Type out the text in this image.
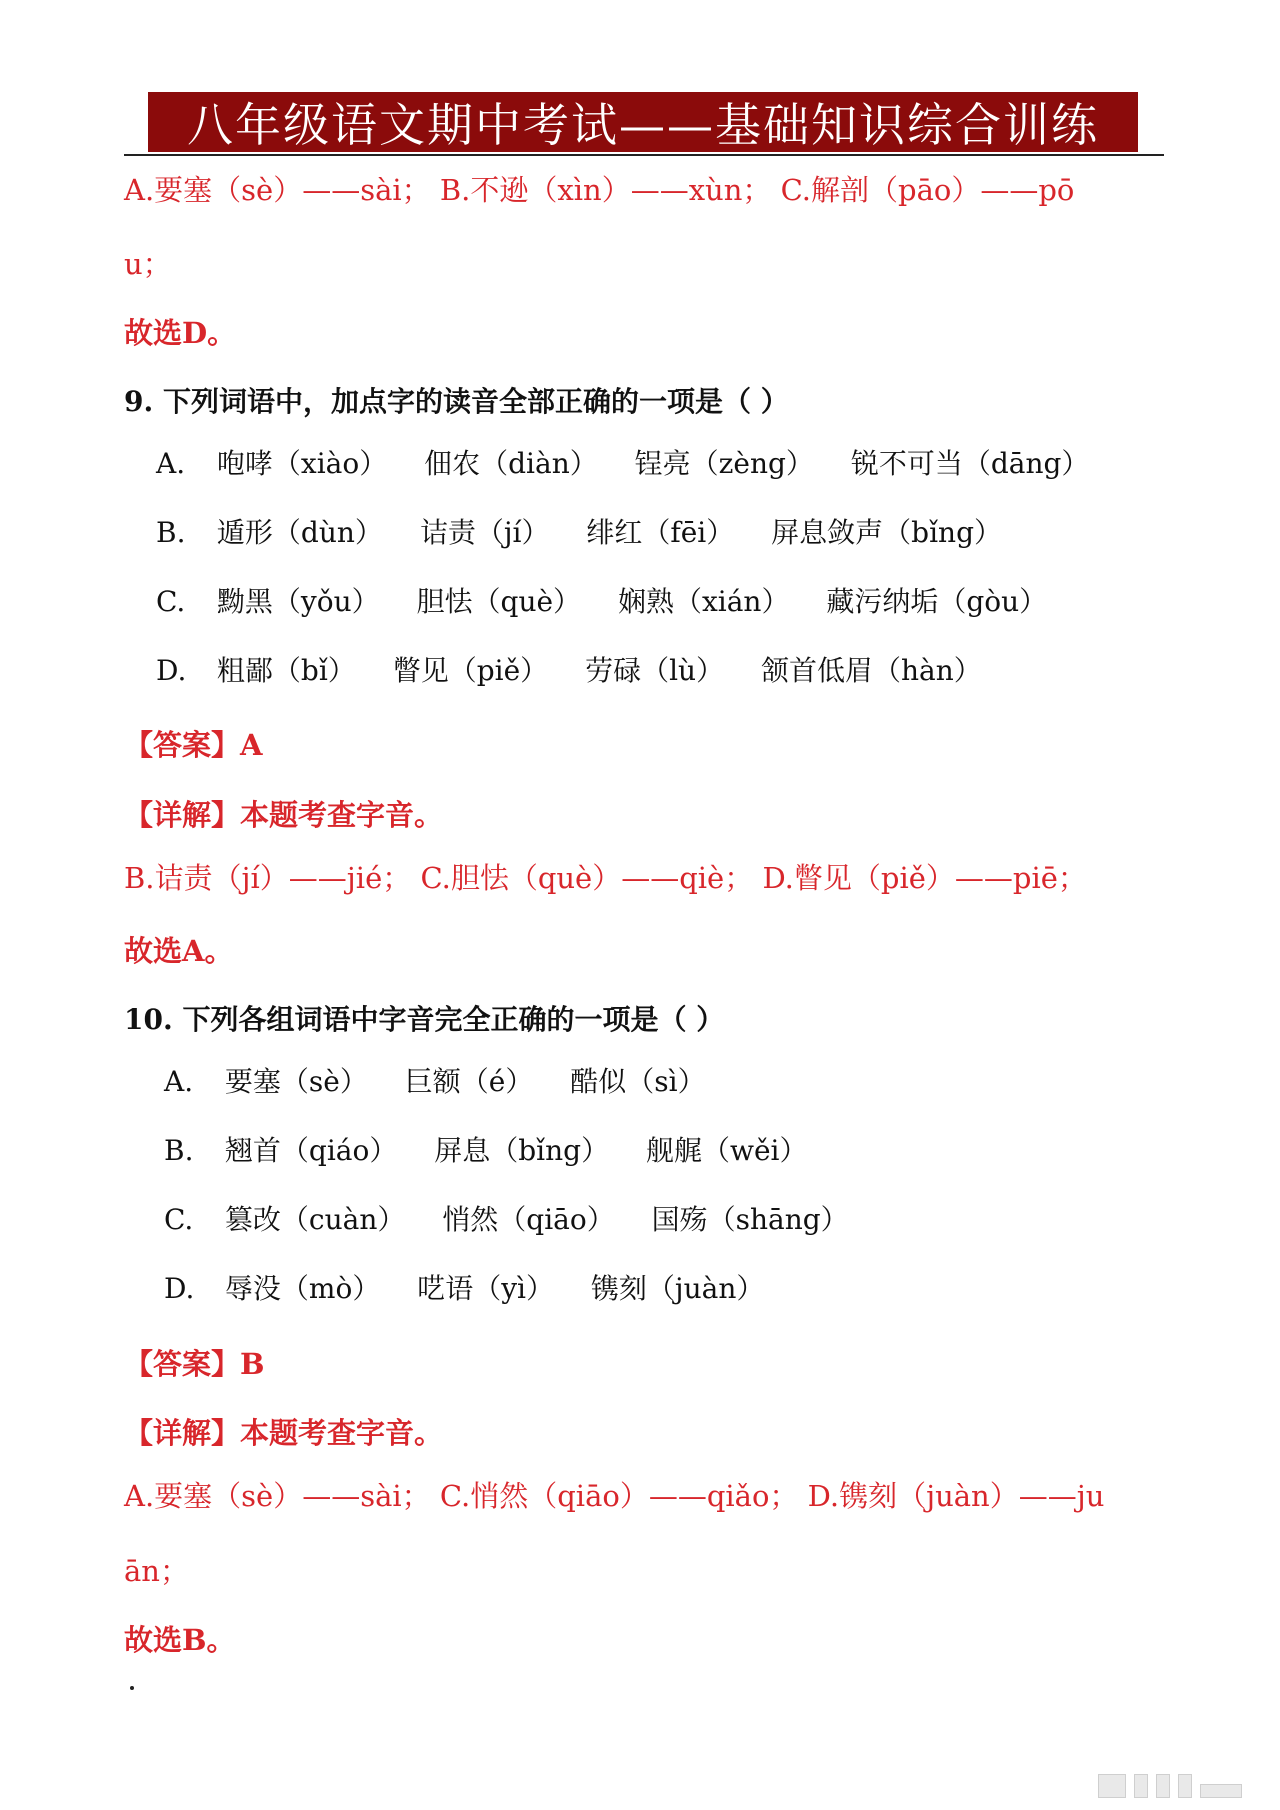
八年级语文期中考试——基础知识综合训练
A.要塞（sè）——sài； B.不逊（xìn）——xùn； C.解剖（pāo）——pō
u；
故选D。
9. 下列词语中，加点字的读音全部正确的一项是（ ）
A. 咆哮（xiào） 佃农（diàn） 锃亮（zèng） 锐不可当（dāng）
B. 遁形（dùn） 诘责（jí） 绯红（fēi） 屏息敛声（bǐng）
C. 黝黑（yǒu） 胆怯（què） 娴熟（xián） 藏污纳垢（gòu）
D. 粗鄙（bǐ） 瞥见（piě） 劳碌（lù） 颔首低眉（hàn）
【答案】A
【详解】本题考查字音。
B.诘责（jí）——jié； C.胆怯（què）——qiè； D.瞥见（piě）——piē；
故选A。
10. 下列各组词语中字音完全正确的一项是（ ）
A. 要塞（sè） 巨额（é） 酷似（sì）
B. 翘首（qiáo） 屏息（bǐng） 舰艉（wěi）
C. 篡改（cuàn） 悄然（qiāo） 国殇（shāng）
D. 辱没（mò） 呓语（yì） 镌刻（juàn）
【答案】B
【详解】本题考查字音。
A.要塞（sè）——sài； C.悄然（qiāo）——qiǎo； D.镌刻（juàn）——ju
ān；
故选B。
